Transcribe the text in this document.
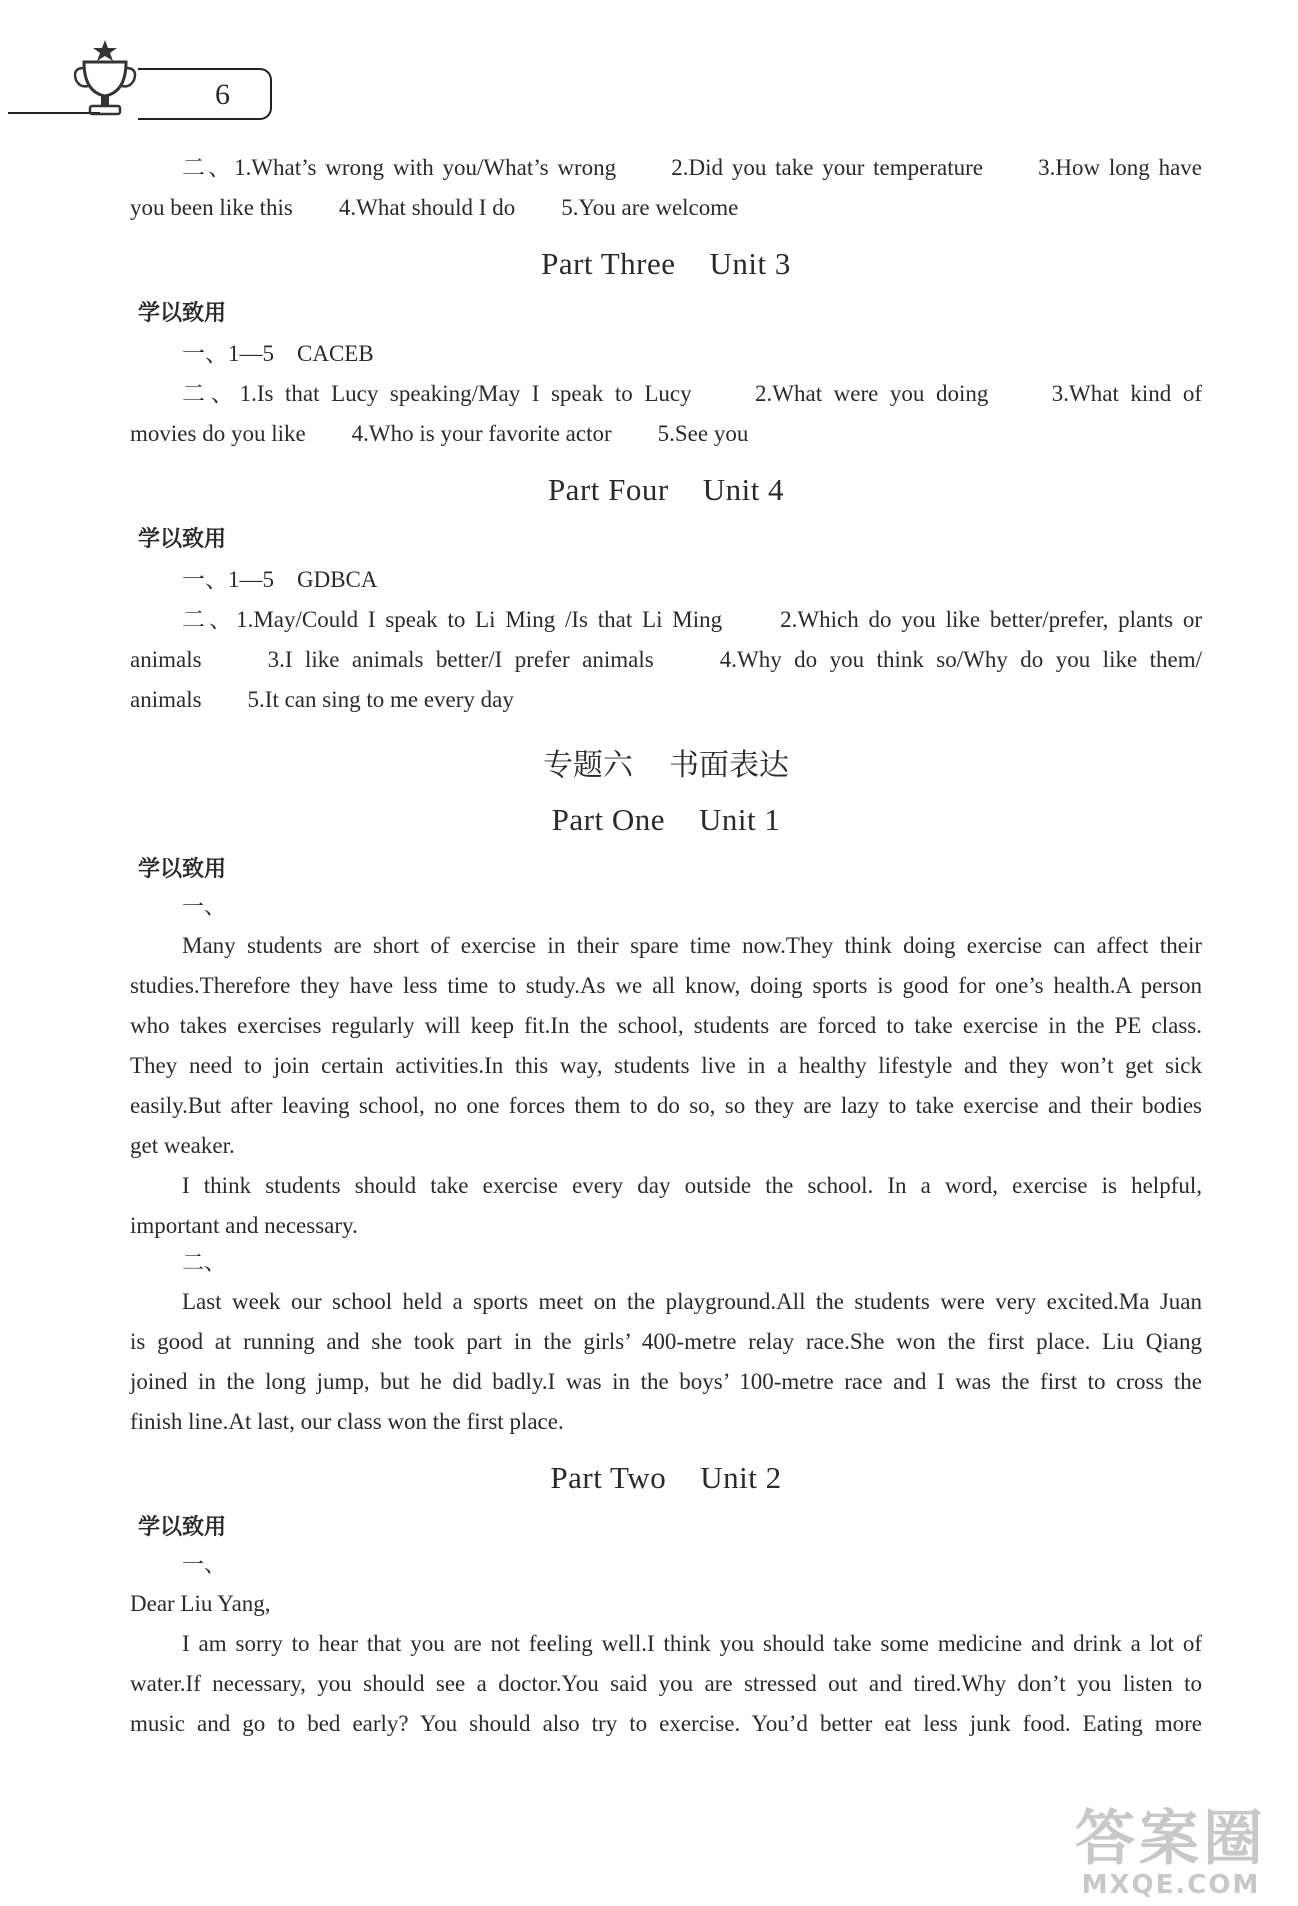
6
二、1.What’s wrong with you/What’s wrong　　2.Did you take your temperature　　3.How long have
you been like this　　4.What should I do　　5.You are welcome
Part Three Unit 3
学以致用
一、1—5　CACEB
二、1.Is that Lucy speaking/May I speak to Lucy　　2.What were you doing　　3.What kind of
movies do you like　　4.Who is your favorite actor　　5.See you
Part Four Unit 4
学以致用
一、1—5　GDBCA
二、1.May/Could I speak to Li Ming /Is that Li Ming　　2.Which do you like better/prefer, plants or
animals　　3.I like animals better/I prefer animals　　4.Why do you think so/Why do you like them/
animals　　5.It can sing to me every day
专题六 书面表达
Part One Unit 1
学以致用
一、
Many students are short of exercise in their spare time now.They think doing exercise can affect their
studies.Therefore they have less time to study.As we all know, doing sports is good for one’s health.A person
who takes exercises regularly will keep fit.In the school, students are forced to take exercise in the PE class.
They need to join certain activities.In this way, students live in a healthy lifestyle and they won’t get sick
easily.But after leaving school, no one forces them to do so, so they are lazy to take exercise and their bodies
get weaker.
I think students should take exercise every day outside the school. In a word, exercise is helpful,
important and necessary.
二、
Last week our school held a sports meet on the playground.All the students were very excited.Ma Juan
is good at running and she took part in the girls’ 400-metre relay race.She won the first place. Liu Qiang
joined in the long jump, but he did badly.I was in the boys’ 100-metre race and I was the first to cross the
finish line.At last, our class won the first place.
Part Two Unit 2
学以致用
一、
Dear Liu Yang,
I am sorry to hear that you are not feeling well.I think you should take some medicine and drink a lot of
water.If necessary, you should see a doctor.You said you are stressed out and tired.Why don’t you listen to
music and go to bed early? You should also try to exercise. You’d better eat less junk food. Eating more
答案圈
MXQE.COM
